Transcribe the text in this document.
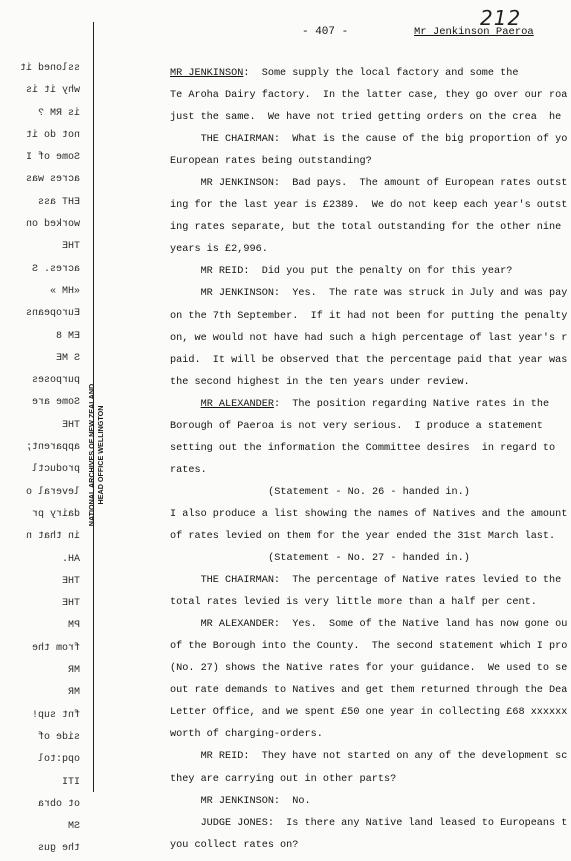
212
- 407 -	Mr Jenkinson Paeroa
ssloned it
why it is
is RM ?
not do it
Some of I
acres was
EHT ass
worked on
THE
acres. S
«HM »
Europeans
EM 8
S ME
purposes
Some are
THE
apparent;
productl
leveral o
dairy pr
in that n
AH.
THE
THE
PM
from the
MR
MR
fnt sup!
side of
opq:tol
ITI
ot obra
SM
the gus
NATIONAL ARCHIVES OF NEW ZEALAND HEAD OFFICE WELLINGTON
MR JENKINSON:  Some supply the local factory and some the
Te Aroha Dairy factory.  In the latter case, they go over our roa
just the same.  We have not tried getting orders on the crea  he
THE CHAIRMAN:  What is the cause of the big proportion of yo
European rates being outstanding?
MR JENKINSON:  Bad pays.  The amount of European rates outst
ing for the last year is £2389.  We do not keep each year's outst
ing rates separate, but the total outstanding for the other nine
years is £2,996.
MR REID:  Did you put the penalty on for this year?
MR JENKINSON:  Yes.  The rate was struck in July and was pay
on the 7th September.  If it had not been for putting the penalty
on, we would not have had such a high percentage of last year's r
paid.  It will be observed that the percentage paid that year was
the second highest in the ten years under review.
MR ALEXANDER:  The position regarding Native rates in the
Borough of Paeroa is not very serious.  I produce a statement
setting out the information the Committee desires  in regard to
rates.
(Statement - No. 26 - handed in.)
I also produce a list showing the names of Natives and the amount
of rates levied on them for the year ended the 31st March last.
(Statement - No. 27 - handed in.)
THE CHAIRMAN:  The percentage of Native rates levied to the
total rates levied is very little more than a half per cent.
MR ALEXANDER:  Yes.  Some of the Native land has now gone ou
of the Borough into the County.  The second statement which I pro
(No. 27) shows the Native rates for your guidance.  We used to se
out rate demands to Natives and get them returned through the Dea
Letter Office, and we spent £50 one year in collecting £68 xxxxxx
worth of charging-orders.
MR REID:  They have not started on any of the development sc
they are carrying out in other parts?
MR JENKINSON:  No.
JUDGE JONES:  Is there any Native land leased to Europeans t
you collect rates on?
